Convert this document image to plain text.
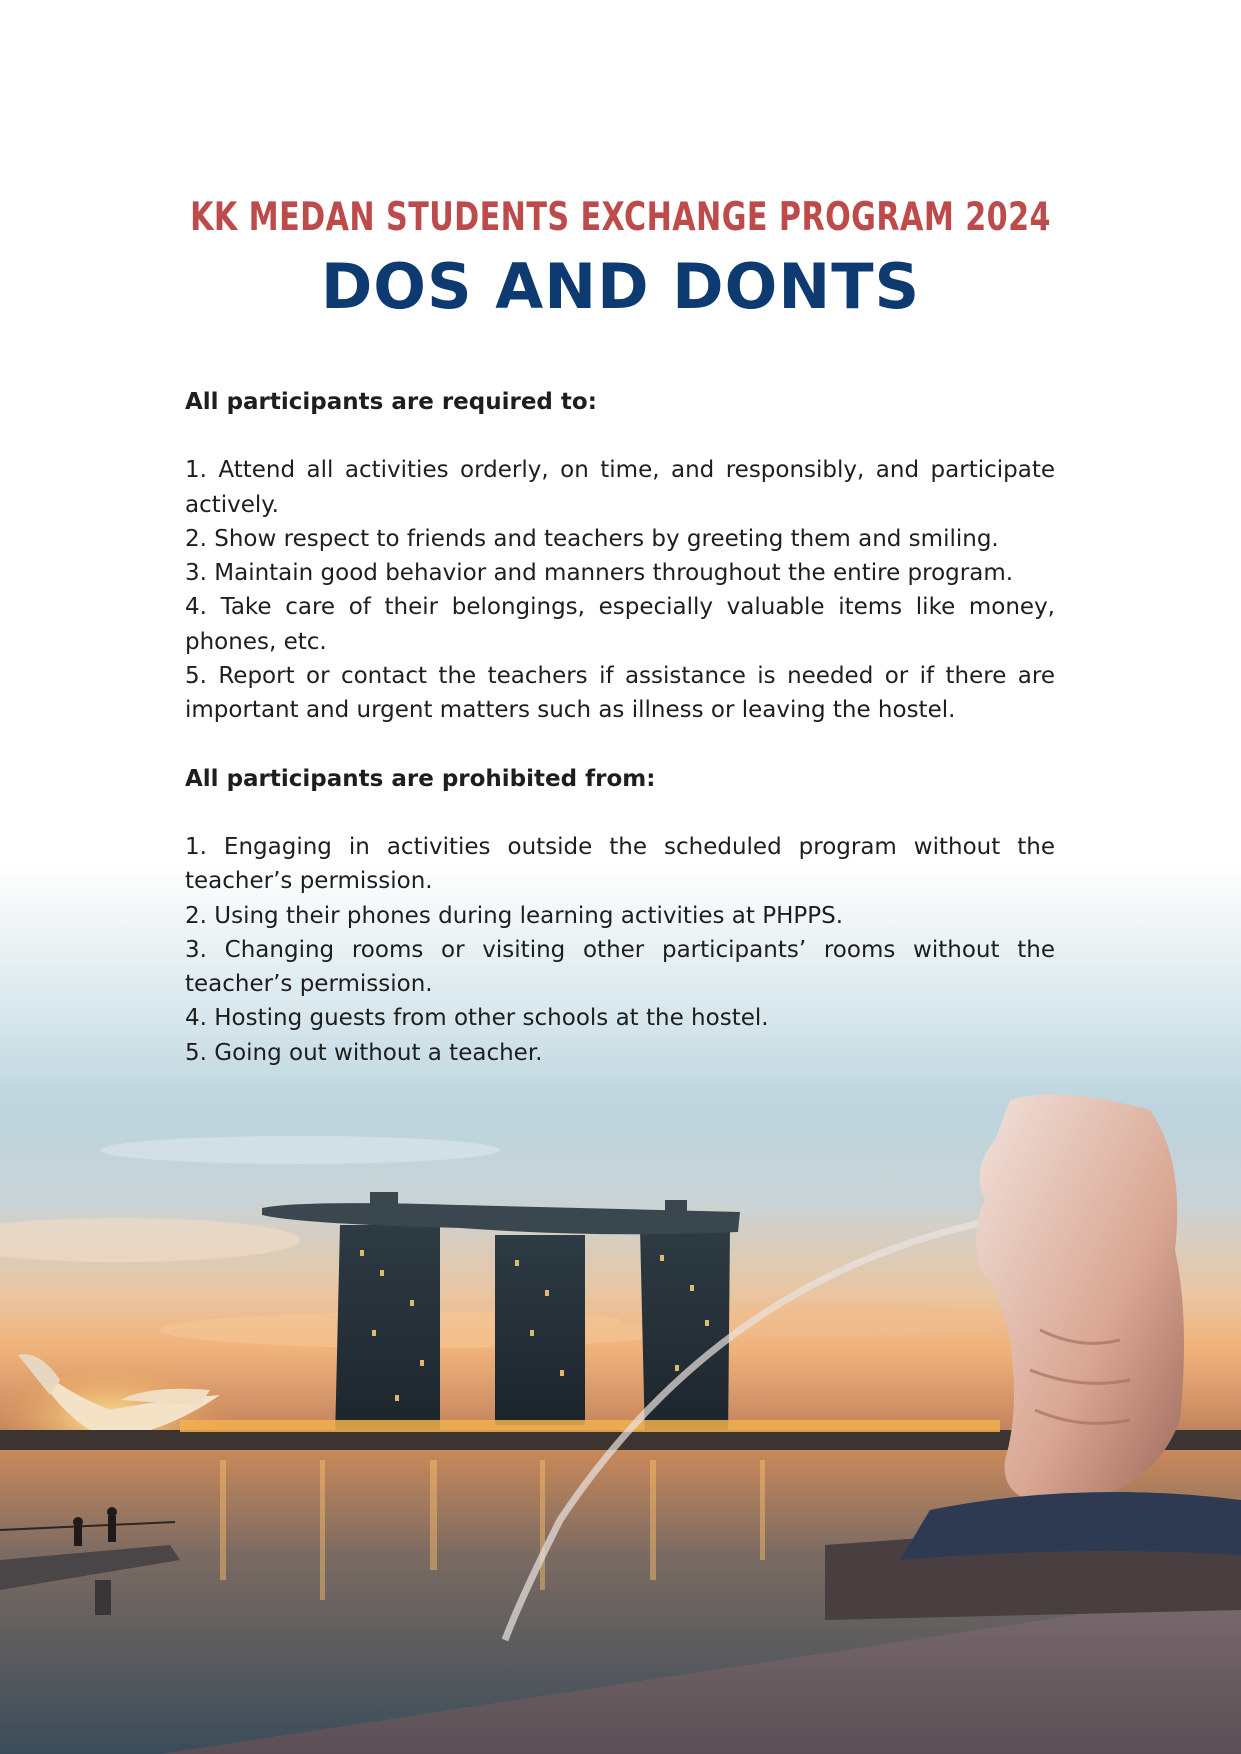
KK MEDAN STUDENTS EXCHANGE PROGRAM 2024
DOS AND DONTS

All participants are required to:

1. Attend all activities orderly, on time, and responsibly, and participate actively.
2. Show respect to friends and teachers by greeting them and smiling.
3. Maintain good behavior and manners throughout the entire program.
4. Take care of their belongings, especially valuable items like money, phones, etc.
5. Report or contact the teachers if assistance is needed or if there are important and urgent matters such as illness or leaving the hostel.

All participants are prohibited from:

1. Engaging in activities outside the scheduled program without the teacher’s permission.
2. Using their phones during learning activities at PHPPS.
3. Changing rooms or visiting other participants’ rooms without the teacher’s permission.
4. Hosting guests from other schools at the hostel.
5. Going out without a teacher.
